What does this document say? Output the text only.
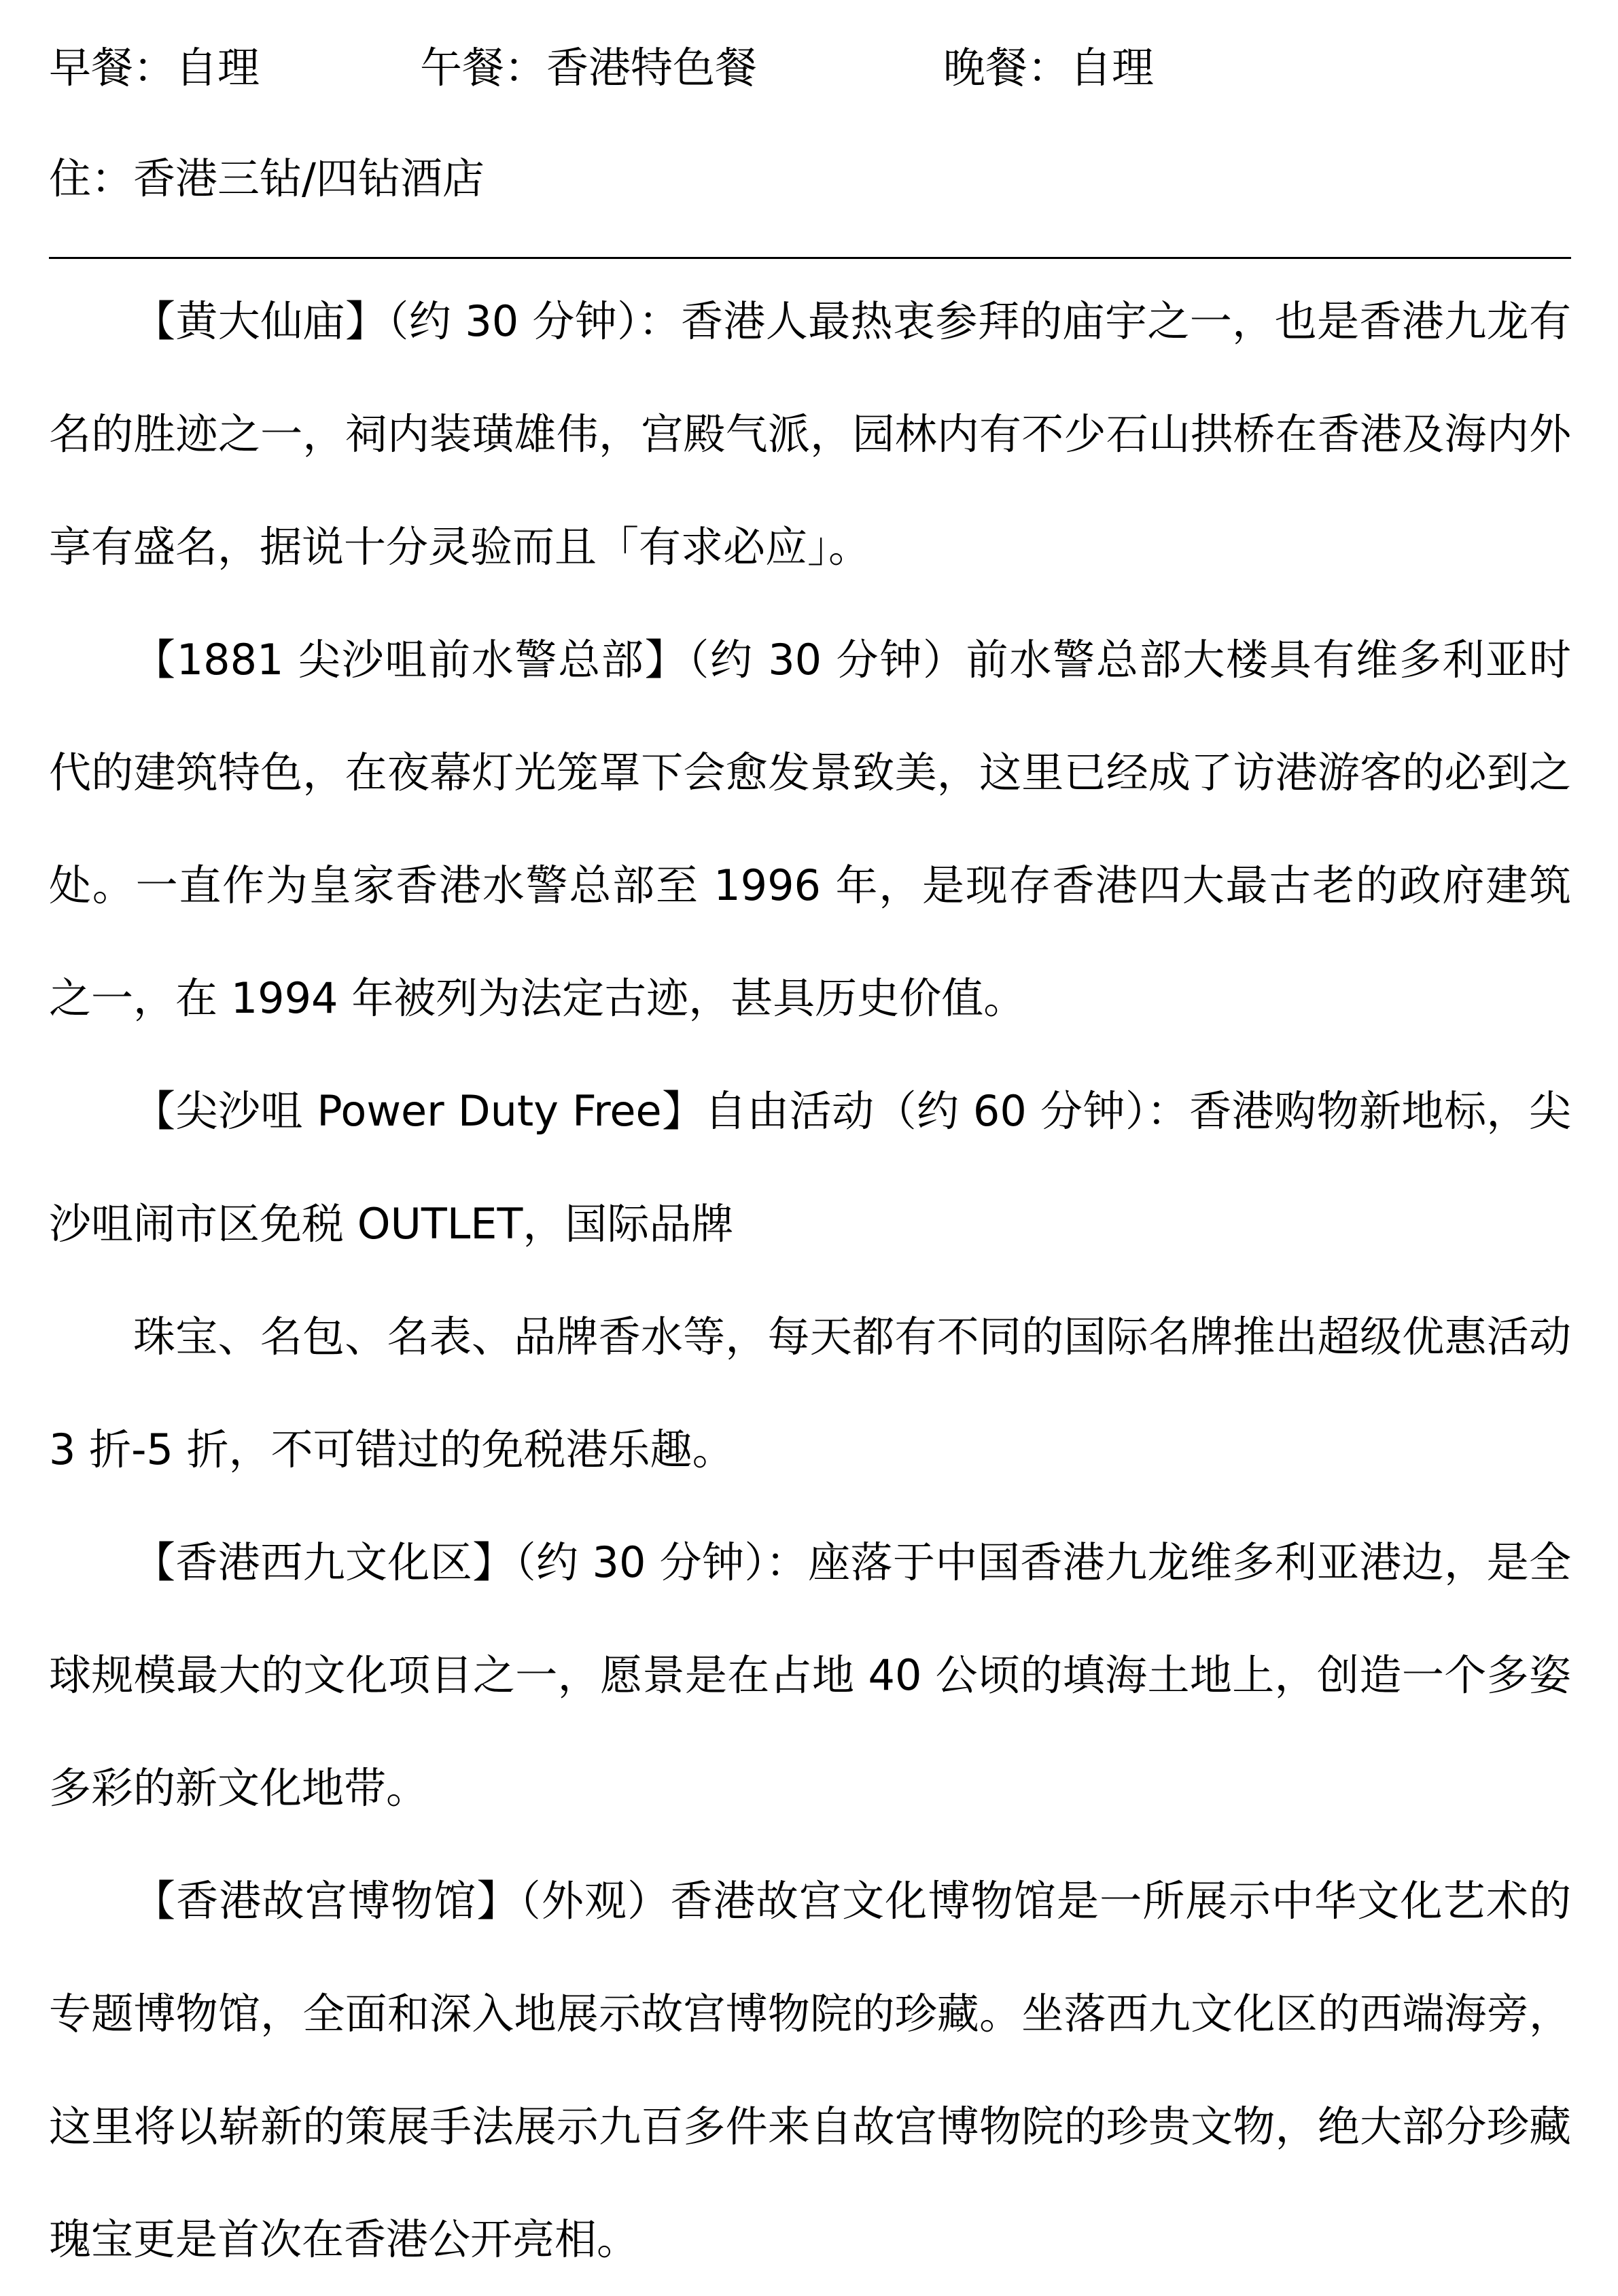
早餐：自理	午餐：香港特色餐	晚餐：自理
住：香港三钻/四钻酒店

【黄大仙庙】（约 30 分钟）：香港人最热衷参拜的庙宇之一，也是香港九龙有名的胜迹之一，祠内装璜雄伟，宫殿气派，园林内有不少石山拱桥在香港及海内外享有盛名，据说十分灵验而且「有求必应」。

【1881 尖沙咀前水警总部】（约 30 分钟）前水警总部大楼具有维多利亚时代的建筑特色，在夜幕灯光笼罩下会愈发景致美，这里已经成了访港游客的必到之处。一直作为皇家香港水警总部至 1996 年，是现存香港四大最古老的政府建筑之一，在 1994 年被列为法定古迹，甚具历史价值。

【尖沙咀 Power Duty Free】自由活动（约 60 分钟）：香港购物新地标，尖沙咀闹市区免税 OUTLET，国际品牌

珠宝、名包、名表、品牌香水等，每天都有不同的国际名牌推出超级优惠活动 3 折-5 折，不可错过的免税港乐趣。

【香港西九文化区】（约 30 分钟）：座落于中国香港九龙维多利亚港边，是全球规模最大的文化项目之一，愿景是在占地 40 公顷的填海土地上，创造一个多姿多彩的新文化地带。

【香港故宫博物馆】（外观）香港故宫文化博物馆是一所展示中华文化艺术的专题博物馆，全面和深入地展示故宫博物院的珍藏。坐落西九文化区的西端海旁，这里将以崭新的策展手法展示九百多件来自故宫博物院的珍贵文物，绝大部分珍藏瑰宝更是首次在香港公开亮相。
